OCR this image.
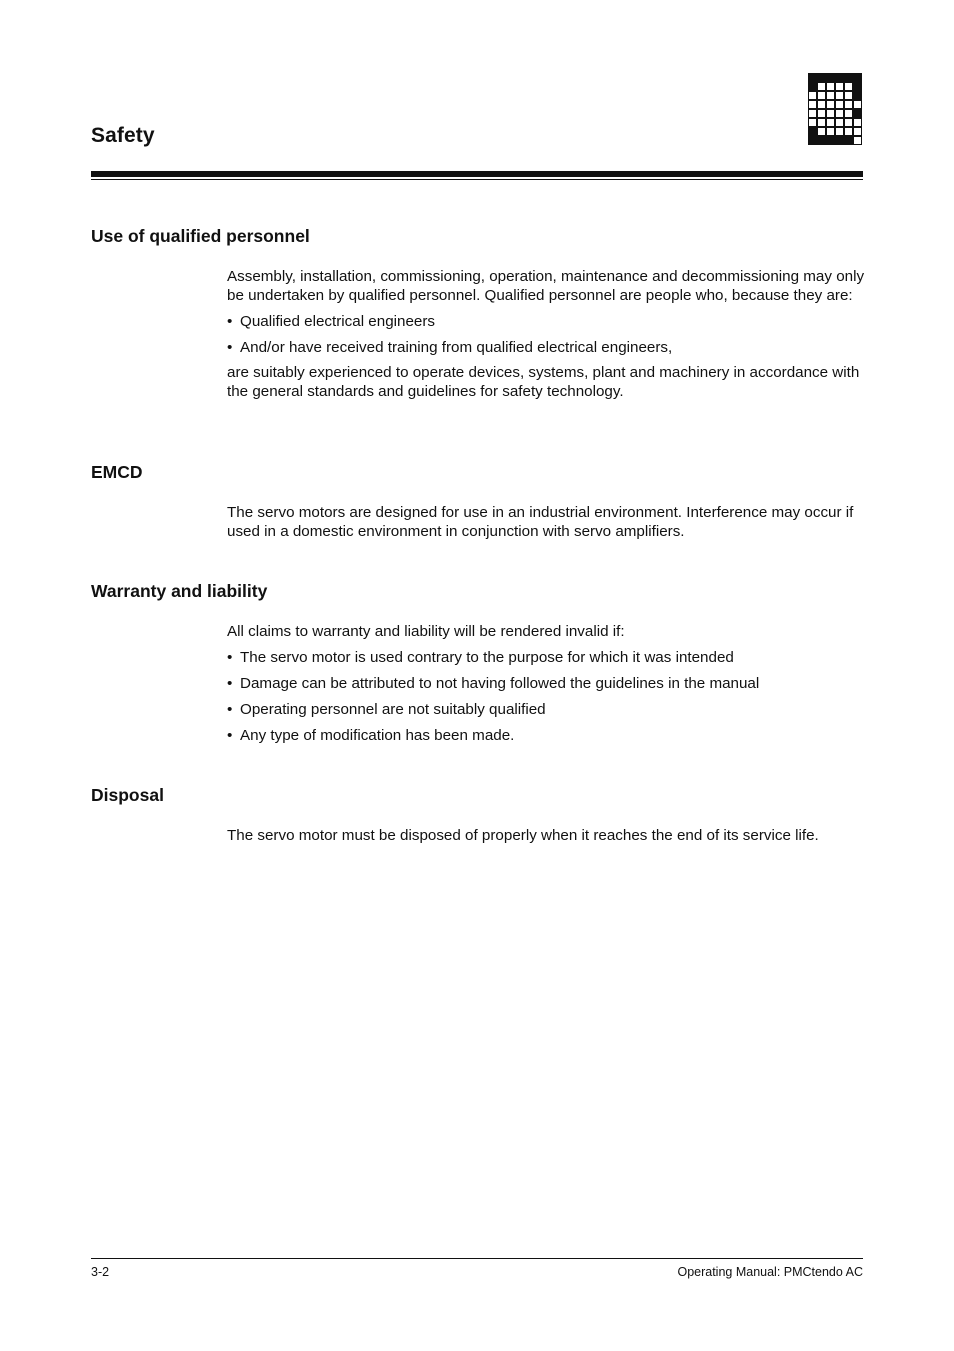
Safety
Use of qualified personnel

Assembly, installation, commissioning, operation, maintenance and decommissioning may only be undertaken by qualified personnel. Qualified personnel are people who, because they are:

• Qualified electrical engineers
• And/or have received training from qualified electrical engineers,

are suitably experienced to operate devices, systems, plant and machinery in accordance with the general standards and guidelines for safety technology.

EMCD

The servo motors are designed for use in an industrial environment. Interference may occur if used in a domestic environment in conjunction with servo amplifiers.

Warranty and liability

All claims to warranty and liability will be rendered invalid if:

• The servo motor is used contrary to the purpose for which it was intended
• Damage can be attributed to not having followed the guidelines in the manual
• Operating personnel are not suitably qualified
• Any type of modification has been made.
Disposal

The servo motor must be disposed of properly when it reaches the end of its service life.

3-2	Operating Manual: PMCtendo AC
